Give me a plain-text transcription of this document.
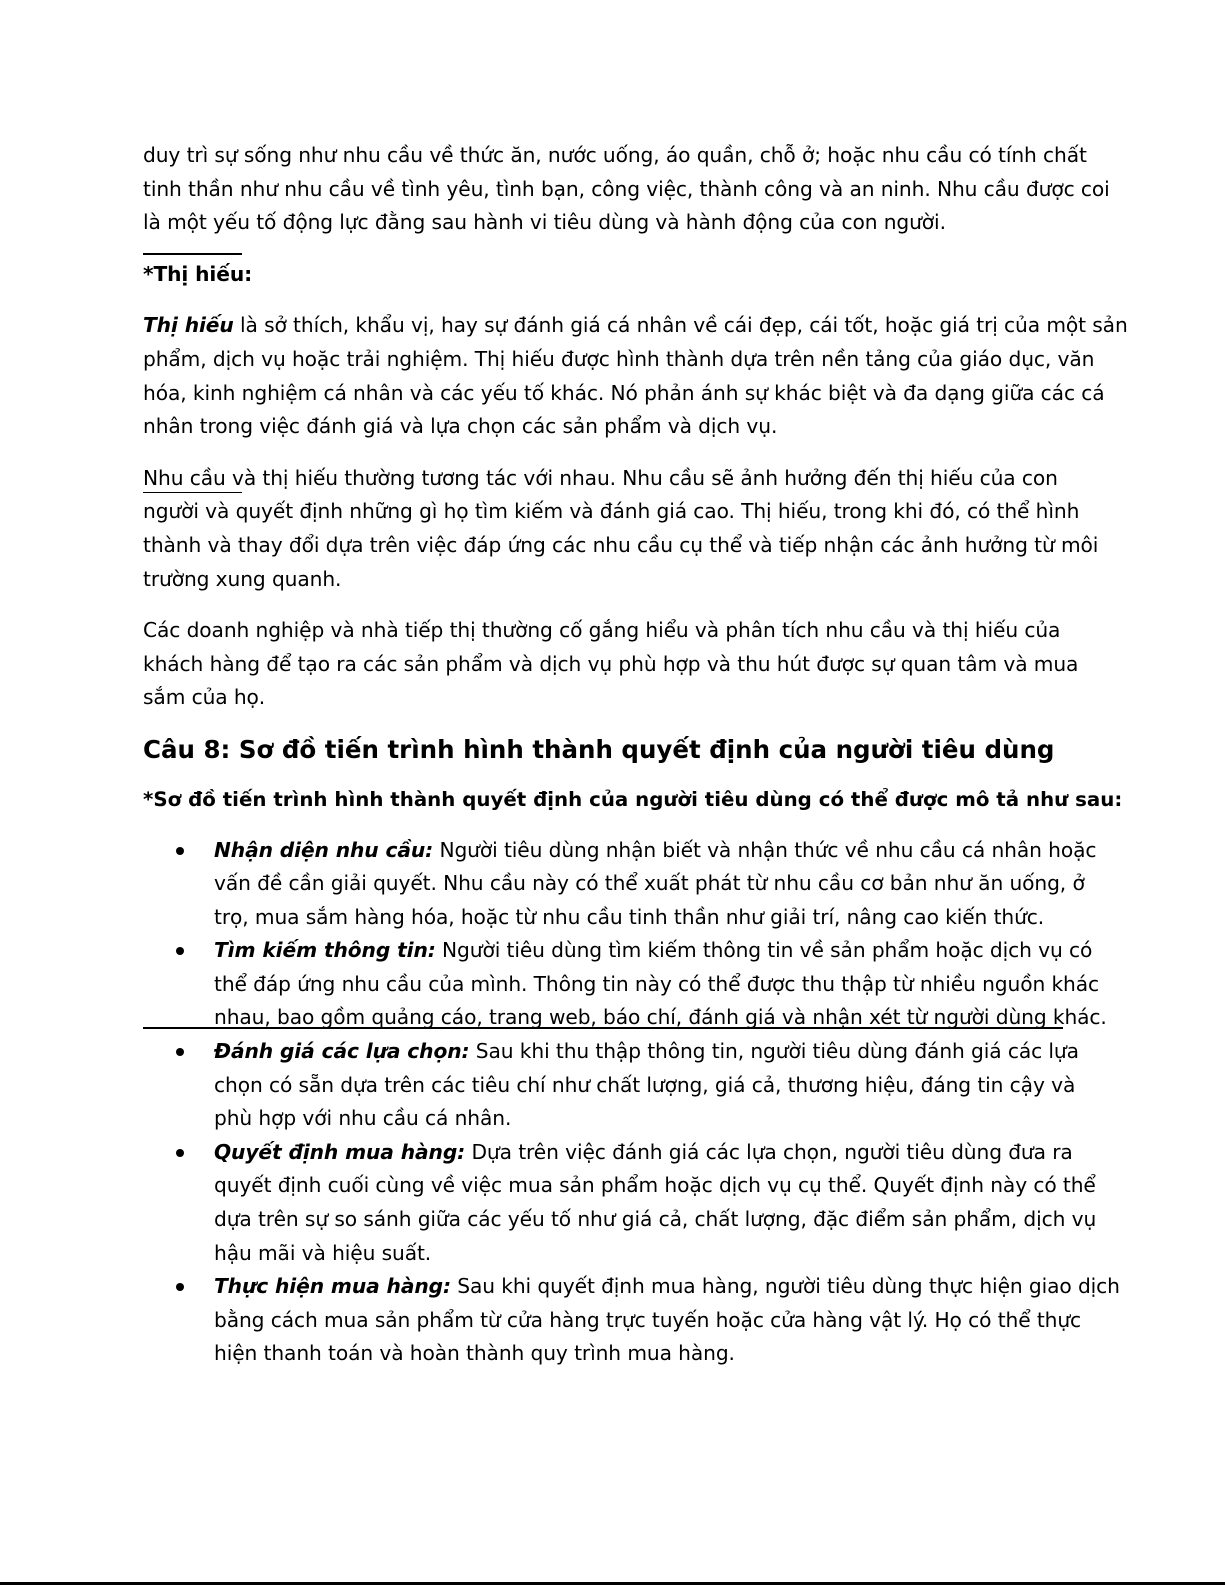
duy trì sự sống như nhu cầu về thức ăn, nước uống, áo quần, chỗ ở; hoặc nhu cầu có tính chất
tinh thần như nhu cầu về tình yêu, tình bạn, công việc, thành công và an ninh. Nhu cầu được coi
là một yếu tố động lực đằng sau hành vi tiêu dùng và hành động của con người.

*Thị hiếu:

Thị hiếu là sở thích, khẩu vị, hay sự đánh giá cá nhân về cái đẹp, cái tốt, hoặc giá trị của một sản
phẩm, dịch vụ hoặc trải nghiệm. Thị hiếu được hình thành dựa trên nền tảng của giáo dục, văn
hóa, kinh nghiệm cá nhân và các yếu tố khác. Nó phản ánh sự khác biệt và đa dạng giữa các cá
nhân trong việc đánh giá và lựa chọn các sản phẩm và dịch vụ.

Nhu cầu và thị hiếu thường tương tác với nhau. Nhu cầu sẽ ảnh hưởng đến thị hiếu của con
người và quyết định những gì họ tìm kiếm và đánh giá cao. Thị hiếu, trong khi đó, có thể hình
thành và thay đổi dựa trên việc đáp ứng các nhu cầu cụ thể và tiếp nhận các ảnh hưởng từ môi
trường xung quanh.

Các doanh nghiệp và nhà tiếp thị thường cố gắng hiểu và phân tích nhu cầu và thị hiếu của
khách hàng để tạo ra các sản phẩm và dịch vụ phù hợp và thu hút được sự quan tâm và mua
sắm của họ.

Câu 8: Sơ đồ tiến trình hình thành quyết định của người tiêu dùng

*Sơ đồ tiến trình hình thành quyết định của người tiêu dùng có thể được mô tả như sau:

Nhận diện nhu cầu: Người tiêu dùng nhận biết và nhận thức về nhu cầu cá nhân hoặc
vấn đề cần giải quyết. Nhu cầu này có thể xuất phát từ nhu cầu cơ bản như ăn uống, ở
trọ, mua sắm hàng hóa, hoặc từ nhu cầu tinh thần như giải trí, nâng cao kiến thức.
Tìm kiếm thông tin: Người tiêu dùng tìm kiếm thông tin về sản phẩm hoặc dịch vụ có
thể đáp ứng nhu cầu của mình. Thông tin này có thể được thu thập từ nhiều nguồn khác
nhau, bao gồm quảng cáo, trang web, báo chí, đánh giá và nhận xét từ người dùng khác.
Đánh giá các lựa chọn: Sau khi thu thập thông tin, người tiêu dùng đánh giá các lựa
chọn có sẵn dựa trên các tiêu chí như chất lượng, giá cả, thương hiệu, đáng tin cậy và
phù hợp với nhu cầu cá nhân.
Quyết định mua hàng: Dựa trên việc đánh giá các lựa chọn, người tiêu dùng đưa ra
quyết định cuối cùng về việc mua sản phẩm hoặc dịch vụ cụ thể. Quyết định này có thể
dựa trên sự so sánh giữa các yếu tố như giá cả, chất lượng, đặc điểm sản phẩm, dịch vụ
hậu mãi và hiệu suất.
Thực hiện mua hàng: Sau khi quyết định mua hàng, người tiêu dùng thực hiện giao dịch
bằng cách mua sản phẩm từ cửa hàng trực tuyến hoặc cửa hàng vật lý. Họ có thể thực
hiện thanh toán và hoàn thành quy trình mua hàng.
